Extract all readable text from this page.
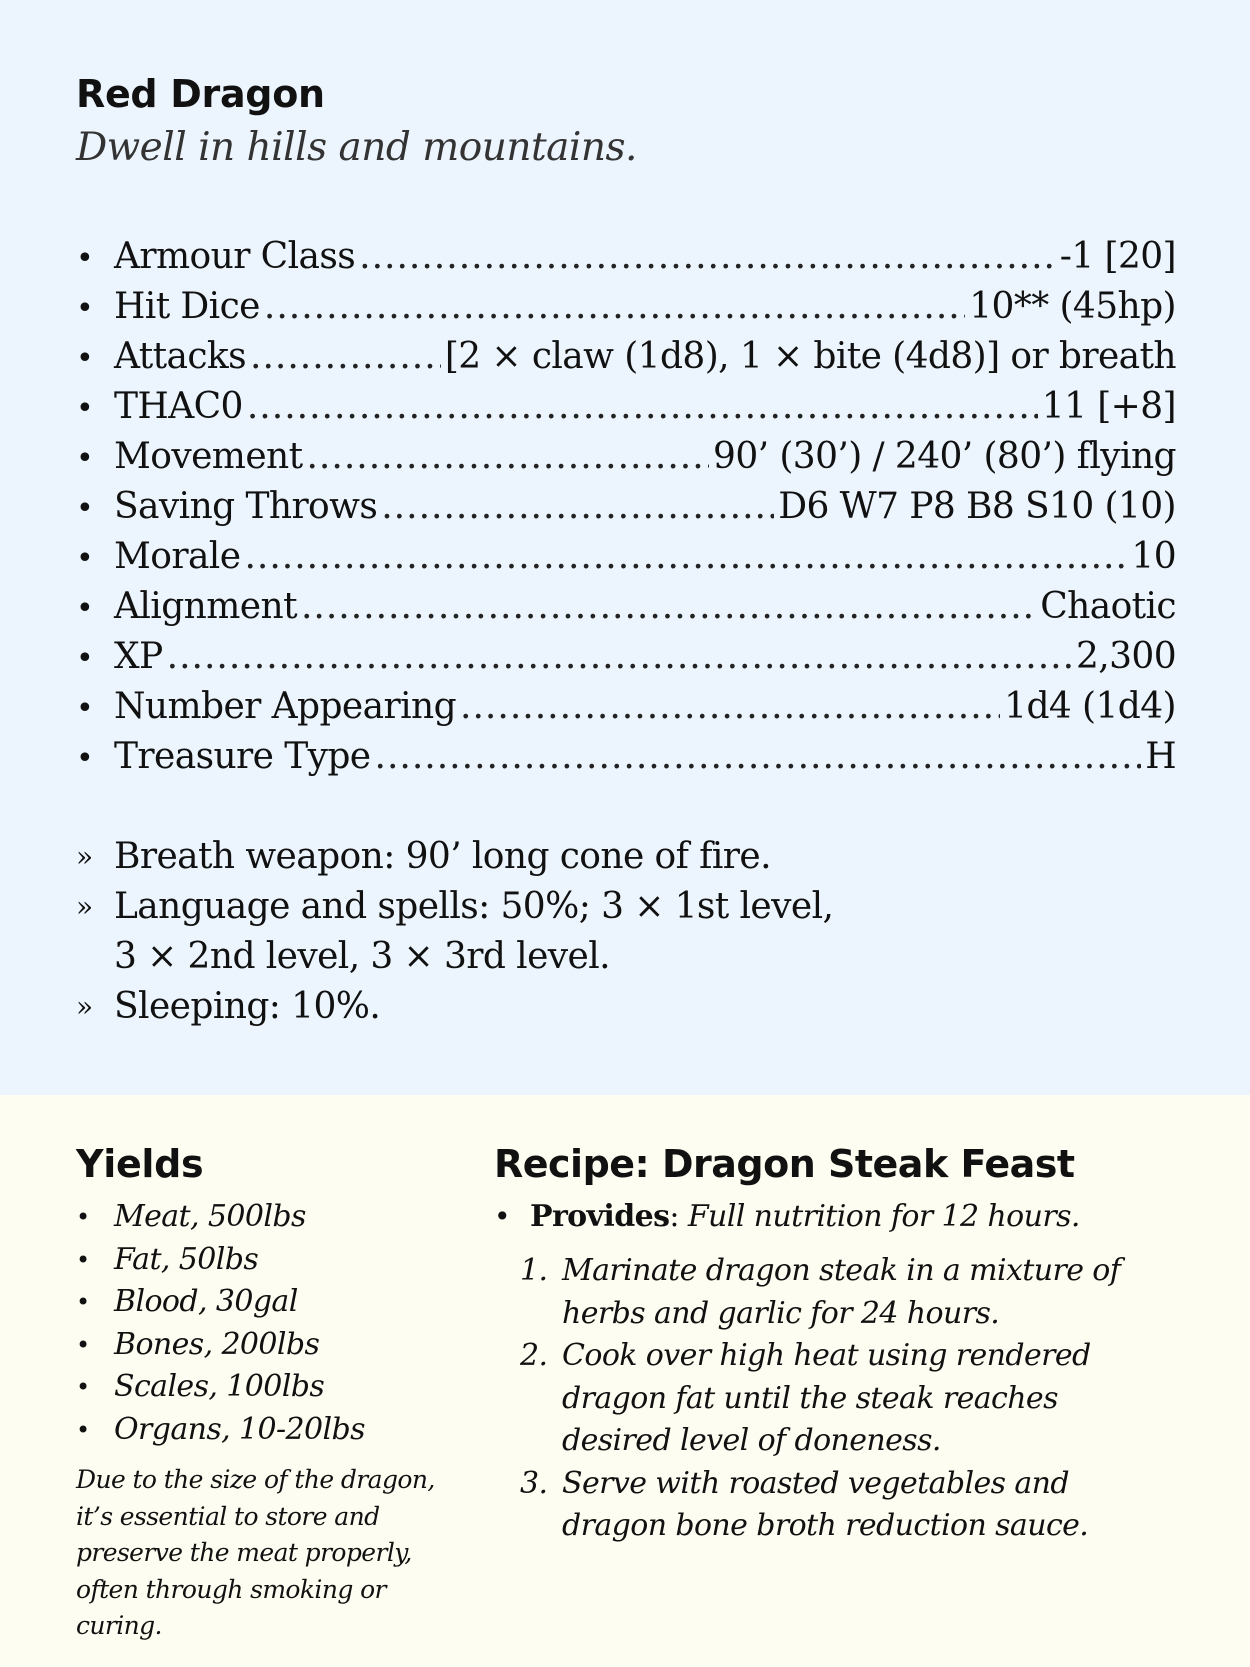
Red Dragon

Dwell in hills and mountains.

• Armour Class .....	-1 [20]
• Hit Dice .....	10** (45hp)
• Attacks .....	[2 × claw (1d8), 1 × bite (4d8)] or breath
• THAC0 .....	11 [+8]
• Movement .....	90’ (30’) / 240’ (80’) flying
• Saving Throws .....	D6 W7 P8 B8 S10 (10)
• Morale .....	10
• Alignment .....	Chaotic
• XP .....	2,300
• Number Appearing .....	1d4 (1d4)
• Treasure Type .....	H
» Breath weapon: 90’ long cone of fire.
» Language and spells: 50%; 3 × 1st level, 3 × 2nd level, 3 × 3rd level.
» Sleeping: 10%.
Yields
• Meat, 500lbs
• Fat, 50lbs
• Blood, 30gal
• Bones, 200lbs
• Scales, 100lbs
• Organs, 10-20lbs

Due to the size of the dragon, it’s essential to store and preserve the meat properly, often through smoking or curing.

Recipe: Dragon Steak Feast

• Provides: Full nutrition for 12 hours.

1. Marinate dragon steak in a mixture of herbs and garlic for 24 hours.
2. Cook over high heat using rendered dragon fat until the steak reaches desired level of doneness.
3. Serve with roasted vegetables and dragon bone broth reduction sauce.
